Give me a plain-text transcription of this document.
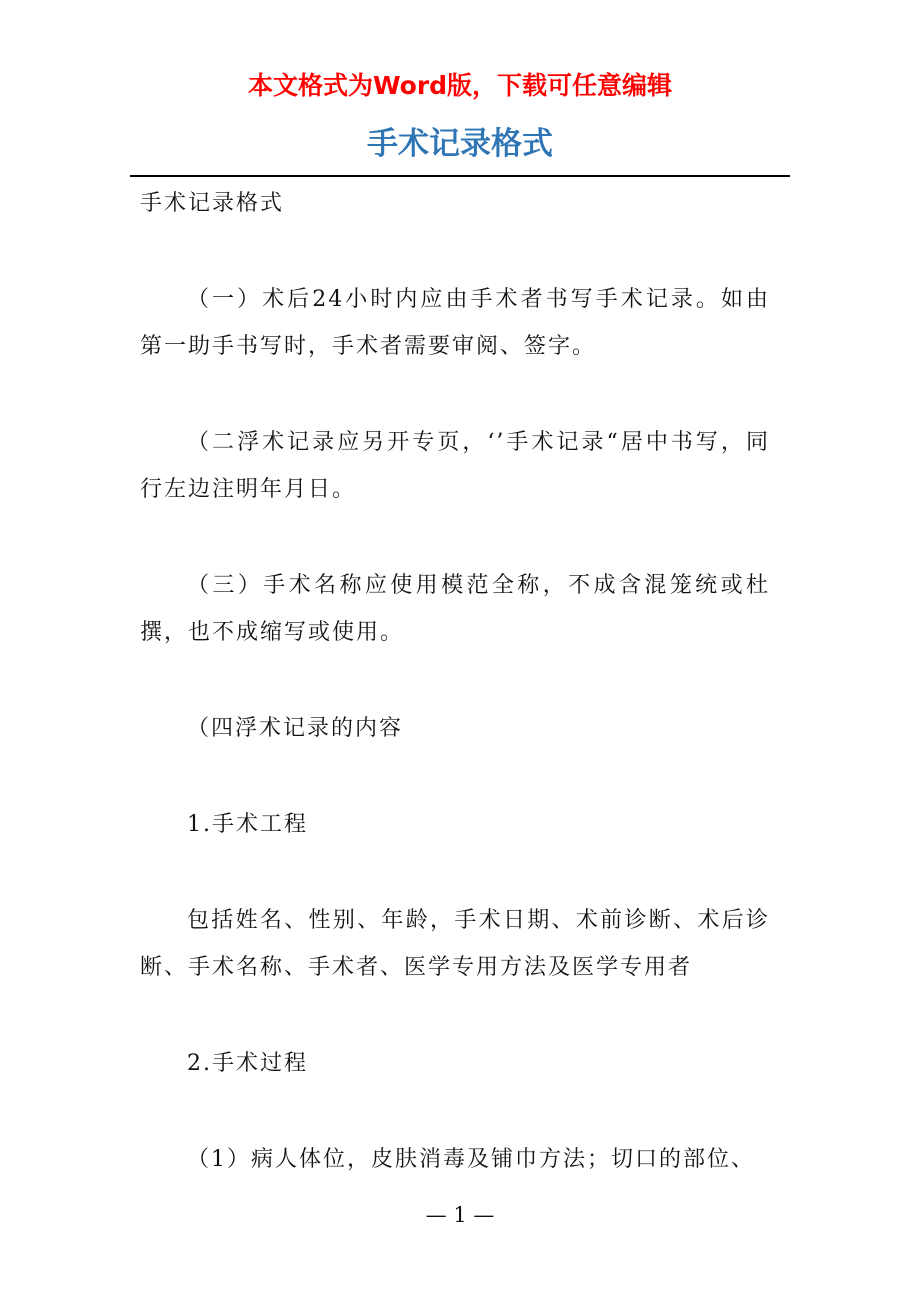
本文格式为Word版，下载可任意编辑
手术记录格式

手术记录格式

（一）术后24小时内应由手术者书写手术记录。如由第一助手书写时，手术者需要审阅、签字。

（二浮术记录应另开专页，‘’手术记录“居中书写，同行左边注明年月日。

（三）手术名称应使用模范全称，不成含混笼统或杜撰，也不成缩写或使用。

（四浮术记录的内容

1.手术工程

包括姓名、性别、年龄，手术日期、术前诊断、术后诊断、手术名称、手术者、医学专用方法及医学专用者

2.手术过程

（1）病人体位，皮肤消毒及铺巾方法；切口的部位、

— 1 —
